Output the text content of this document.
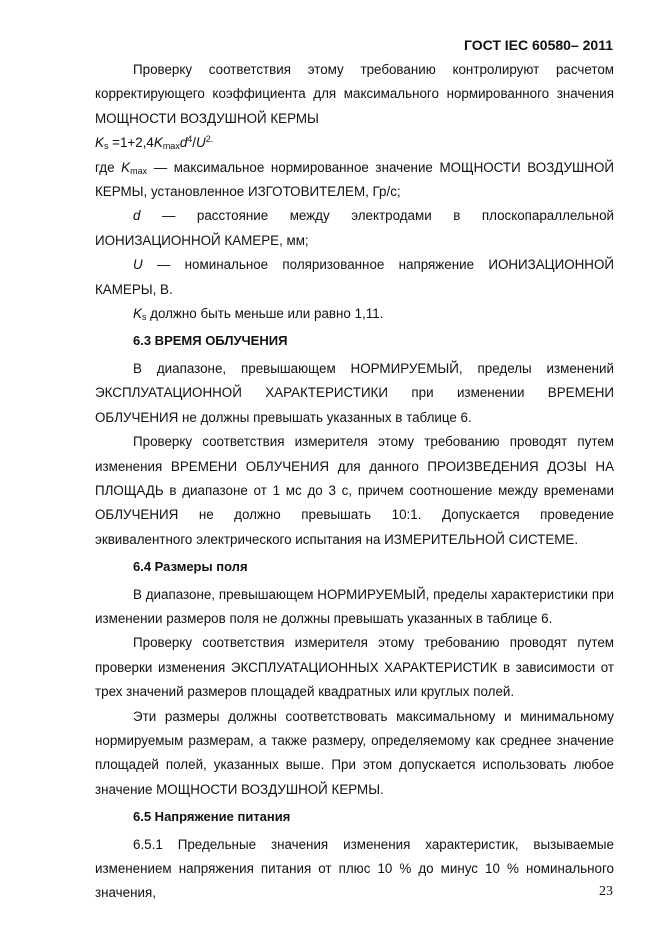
ГОСТ IEC 60580– 2011

Проверку соответствия этому требованию контролируют расчетом корректирующего коэффициента для максимального нормированного значения МОЩНОСТИ ВОЗДУШНОЙ КЕРМЫ

$K_s =1+2,4K_{max}d^4/U^{2.}$

где $K_{max}$ — максимальное нормированное значение МОЩНОСТИ ВОЗДУШНОЙ КЕРМЫ, установленное ИЗГОТОВИТЕЛЕМ, Гр/с;

d — расстояние между электродами в плоскопараллельной ИОНИЗАЦИОННОЙ КАМЕРЕ, мм;

U — номинальное поляризованное напряжение ИОНИЗАЦИОННОЙ КАМЕРЫ, В.

$K_s$ должно быть меньше или равно 1,11.

6.3 ВРЕМЯ ОБЛУЧЕНИЯ

В диапазоне, превышающем НОРМИРУЕМЫЙ, пределы изменений ЭКСПЛУАТАЦИОННОЙ ХАРАКТЕРИСТИКИ при изменении ВРЕМЕНИ ОБЛУЧЕНИЯ не должны превышать указанных в таблице 6.

Проверку соответствия измерителя этому требованию проводят путем изменения ВРЕМЕНИ ОБЛУЧЕНИЯ для данного ПРОИЗВЕДЕНИЯ ДОЗЫ НА ПЛОЩАДЬ в диапазоне от 1 мс до 3 с, причем соотношение между временами ОБЛУЧЕНИЯ не должно превышать 10:1. Допускается проведение эквивалентного электрического испытания на ИЗМЕРИТЕЛЬНОЙ СИСТЕМЕ.

6.4 Размеры поля

В диапазоне, превышающем НОРМИРУЕМЫЙ, пределы характеристики при изменении размеров поля не должны превышать указанных в таблице 6.

Проверку соответствия измерителя этому требованию проводят путем проверки изменения ЭКСПЛУАТАЦИОННЫХ ХАРАКТЕРИСТИК в зависимости от трех значений размеров площадей квадратных или круглых полей.

Эти размеры должны соответствовать максимальному и минимальному нормируемым размерам, а также размеру, определяемому как среднее значение площадей полей, указанных выше. При этом допускается использовать любое значение МОЩНОСТИ ВОЗДУШНОЙ КЕРМЫ.

6.5 Напряжение питания

6.5.1 Предельные значения изменения характеристик, вызываемые изменением напряжения питания от плюс 10 % до минус 10 % номинального значения,	23
